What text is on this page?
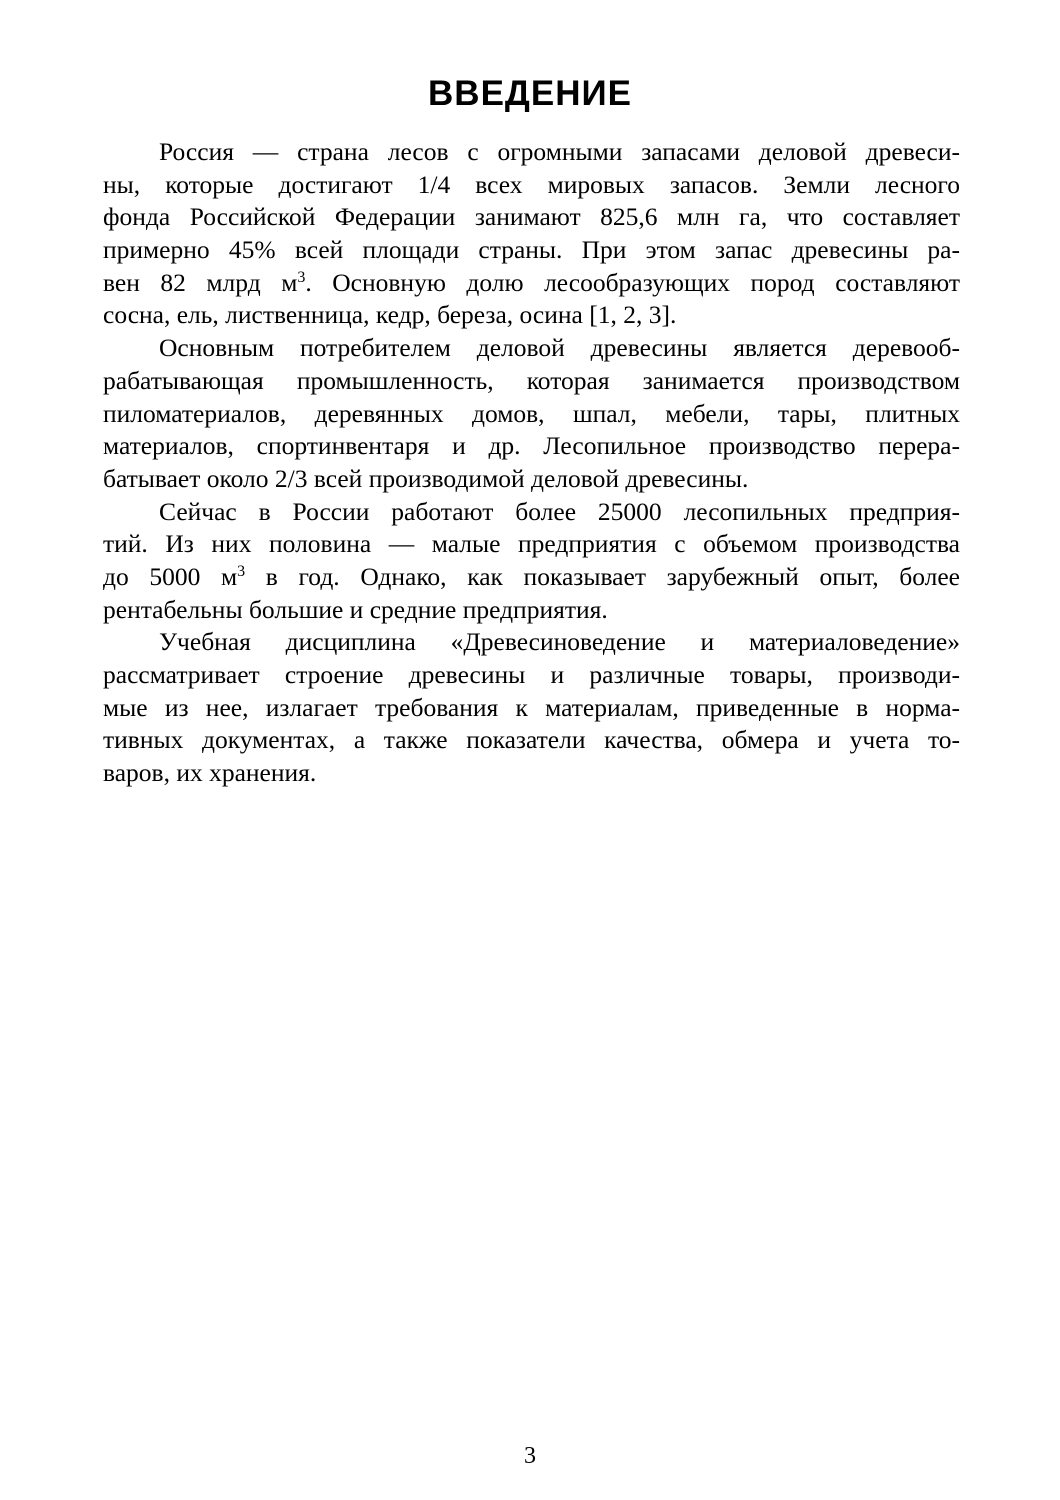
ВВЕДЕНИЕ
Россия — страна лесов с огромными запасами деловой древеси-
ны, которые достигают 1/4 всех мировых запасов. Земли лесного
фонда Российской Федерации занимают 825,6 млн га, что составляет
примерно 45% всей площади страны. При этом запас древесины ра-
вен 82 млрд $м^3$. Основную долю лесообразующих пород составляют
сосна, ель, лиственница, кедр, береза, осина [1, 2, 3].
Основным потребителем деловой древесины является деревооб-
рабатывающая промышленность, которая занимается производством
пиломатериалов, деревянных домов, шпал, мебели, тары, плитных
материалов, спортинвентаря и др. Лесопильное производство перера-
батывает около 2/3 всей производимой деловой древесины.
Сейчас в России работают более 25000 лесопильных предприя-
тий. Из них половина — малые предприятия с объемом производства
до 5000 $м^3$ в год. Однако, как показывает зарубежный опыт, более
рентабельны большие и средние предприятия.
Учебная дисциплина «Древесиноведение и материаловедение»
рассматривает строение древесины и различные товары, производи-
мые из нее, излагает требования к материалам, приведенные в норма-
тивных документах, а также показатели качества, обмера и учета то-
варов, их хранения.
3
